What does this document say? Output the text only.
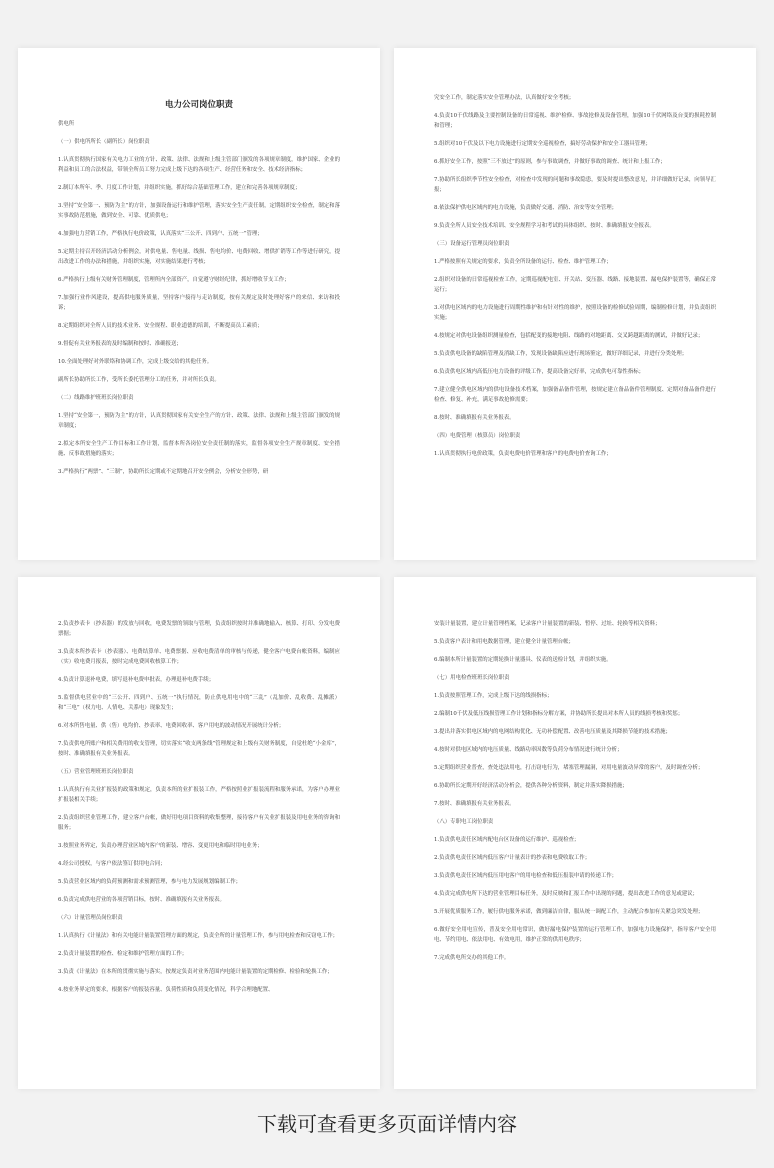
电力公司岗位职责
供电所
（一）供电所所长（副所长）岗位职责
1.认真贯彻执行国家有关电力工业的方针、政策、法律、法规和上级主管部门颁发的各项规章制度，维护国家、企业的利益和员工的合法权益，带领全所员工努力完成上级下达的各项生产、经营任务和安全、技术经济指标；
2.制订本所年、季、月度工作计划，并组织实施，抓好综合基础管理工作，建立和完善各项规章制度；
3.坚持“安全第一、预防为主”的方针，加强设备运行和维护管理，落实安全生产责任制，定期组织安全检查，制定和落实事故防范措施，做到安全、可靠、优质供电；
4.加强电力营销工作，严格执行电价政策，认真落实“三公开、四到户、五统一”管理；
5.定期主持召开经济活动分析例会，对供电量、售电量、线损、售电均价、电费回收、增供扩销等工作等进行研究，提出改进工作的办法和措施，并组织实施，对实施结果进行考核；
6.严格执行上级有关财务管理制度，管理所内全部资产，自觉遵守财经纪律，抓好增收节支工作；
7.加强行业作风建设，提高供电服务质量，坚持客户接待与走访制度，按有关规定及时处理好客户的来信、来访和投诉；
8.定期组织对全所人员的技术业务、安全规程、职业道德的培训，不断提高员工素质；
9.督促有关业务报表的及时编制和按时、准确报送；
10.全面处理好对外联络和协调工作，完成上级交给的其他任务。
副所长协助所长工作，受所长委托管理分工的任务，并对所长负责。
（二）线路维护班班长岗位职责
1.坚持“安全第一，预防为主”的方针，认真贯彻国家有关安全生产的方针、政策、法律、法规和上级主管部门颁发的规章制度；
2.拟定本所安全生产工作目标和工作计划，监督本所各岗位安全责任制的落实，监督各项安全生产规章制度、安全措施、反事故措施的落实；
3.严格执行“两票”、“三制”，协助所长定期或不定期地召开安全例会，分析安全形势，研
究安全工作，制定落实安全管理办法，认真做好安全考核；
4.负责10千伏线路及主要控制设备的日常巡视、维护检修、事故抢修及设备管理，加强10千伏网络及台变的损耗控制和管理；
5.组织对10千伏及以下电力设施进行定期安全巡视检查，搞好劳动保护和安全工器具管理；
6.抓好安全工作，按照“三不放过”的原则，参与事故调查，并做好事故的调查、统计和上报工作；
7.协助所长组织季节性安全检查，对检查中发现的问题和事故隐患，要及时提出整改意见，并详细做好记录，向领导汇报；
8.依法保护供电区域内的电力设施，负责做好交通、消防、治安等安全管理；
9.负责全所人员安全技术培训、安全规程学习和考试的具体组织、按时、准确填报安全报表。
（三）设备运行管理员岗位职责
1.严格按照有关规定的要求，负责全所设备的运行、检查、维护管理工作；
2.组织对设备的日常巡视检查工作，定期巡视配电室、开关站、变压器、线路、接地装置、漏电保护装置等，确保正常运行；
3.对供电区域内的电力设施进行周期性维护和有针对性的维护，按照设备的检修试验周期，编制检修计划，并负责组织实施；
4.按规定对供电设备组织测量检查，包括配变的接地电阻、线路的对地距离、交叉跨越距离的测试，并做好记录；
5.负责供电设备的缺陷管理及消缺工作，发现设备缺陷应进行现场鉴定，做好详细记录，并进行分类处理；
6.负责供电区域内高低压电力设备的评级工作，提高设备完好率，完成供电可靠性指标；
7.建立健全供电区域内的供电设备技术档案，加强备品备件管理，按规定建立备品备件管理制度、定期对备品备件进行检查、修复、补充，满足事故抢修需要；
8.按时、准确填报有关业务报表。
（四）电费管理（核算员）岗位职责
1.认真贯彻执行电价政策，负责电费电价管理和客户的电费电价查询工作；
2.负责抄表卡（抄表器）的发放与回收，电费发票的领取与管理，负责组织按时并准确地输入、核算、打印、分发电费票据；
3.负责本所抄表卡（抄表器）、电费结算单、电费票据、应收电费清单的审核与传递，健全客户电费台帐资料，编制应（实）收电费月报表，按时完成电费回收核算工作；
4.负责计算退补电费，填写退补电费申批表，办理退补电费手续；
5.监督供电营业中的“三公开、四到户、五统一”执行情况，防止供电用电中的“三乱”（乱加价、乱收费、乱摊派）和“三电”（权力电、人情电、关系电）现象发生；
6.对本所售电量、供（售）电均价、抄表率、电费回收率、客户用电的波动情况开展统计分析；
7.负责供电所账户和相关费用的收支管理，切实落实“收支两条线”管理规定和上级有关财务制度，自觉杜绝“小金库”，按时、准确填报有关业务报表。
（五）营业管理班班长岗位职责
1.认真执行有关业扩报装的政策和规定，负责本所的业扩报装工作，严格按照业扩报装流程和服务承诺，为客户办理业扩报装相关手续；
2.负责组织营业管理工作，建立客户台帐，做好用电项目资料的收集整理，接待客户有关业扩报装及用电业务的咨询和服务；
3.按照业务界定，负责办理营业区域内客户的新装、增容、变更用电和临时用电业务；
4.经公司授权，与客户依法签订供用电合同；
5.负责营业区域内的负荷预测和需求预测管理，参与电力发展规划编制工作；
6.负责完成供电营业的各项营销目标，按时、准确填报有关业务报表。
（六）计量管理员岗位职责
1.认真执行《计量法》和有关电能计量装置管理方面的规定，负责全所的计量管理工作，参与用电检查和反窃电工作；
2.负责计量装置的检查、检定和维护管理方面的工作；
3.负责《计量法》在本所的贯彻实施与落实，按规定负责对业务范围内电能计量装置的定期检修、检验和轮换工作；
4.按业务界定的要求，根据客户的报装容量、负荷性质和负荷变化情况，科学合理地配置、
安装计量装置，建立计量管理档案，记录客户计量装置的新装、暂停、过址、轮换等相关资料；
5.负责客户表计和用电数据管理，建立健全计量管理台帐；
6.编制本所计量装置的定期轮换计量器具、仪表的送检计划，并组织实施。
（七）用电检查班班长岗位职责
1.负责按照管理工作，完成上级下达的线损指标；
2.编制10千伏及低压线损管理工作计划和指标分解方案，并协助所长提出对本所人员的线损考核和奖惩；
3.提出并落实供电区域内的电网结构优化、无功补偿配置、改善电压质量及其降损节能的技术措施；
4.按时对供电区域内的电压质量、线路功率因数等负荷分布情况进行统计分析；
5.定期组织营业普查，查处违法用电，打击窃电行为，堵塞管理漏洞，对用电量波动异常的客户，及时调查分析；
6.协助所长定期开好经济活动分析会，提供各种分析资料，制定并落实降损措施；
7.按时、准确填报有关业务报表。
（八）专职电工岗位职责
1.负责供电责任区域内配电台区设备的运行维护、巡视检查；
2.负责供电责任区域内低压客户计量表计的抄表和电费收取工作；
3.负责供电责任区域内低压用电客户的用电检查和低压报装申请的传递工作；
4.负责完成供电所下达的营业管理目标任务，及时反映和汇报工作中出现的问题，提出改进工作的意见或建议；
5.开展优质服务工作，履行供电服务承诺，做到廉洁自律，服从统一调配工作，主动配合参加有关紧急突发处理；
6.做好安全用电宣传，普及安全用电常识，做好漏电保护装置的运行管理工作，加强电力设施保护，指导客户安全用电、节约用电、依法用电、有效电用，维护正常的供用电秩序；
7.完成供电所交办的其他工作。
下载可查看更多页面详情内容
